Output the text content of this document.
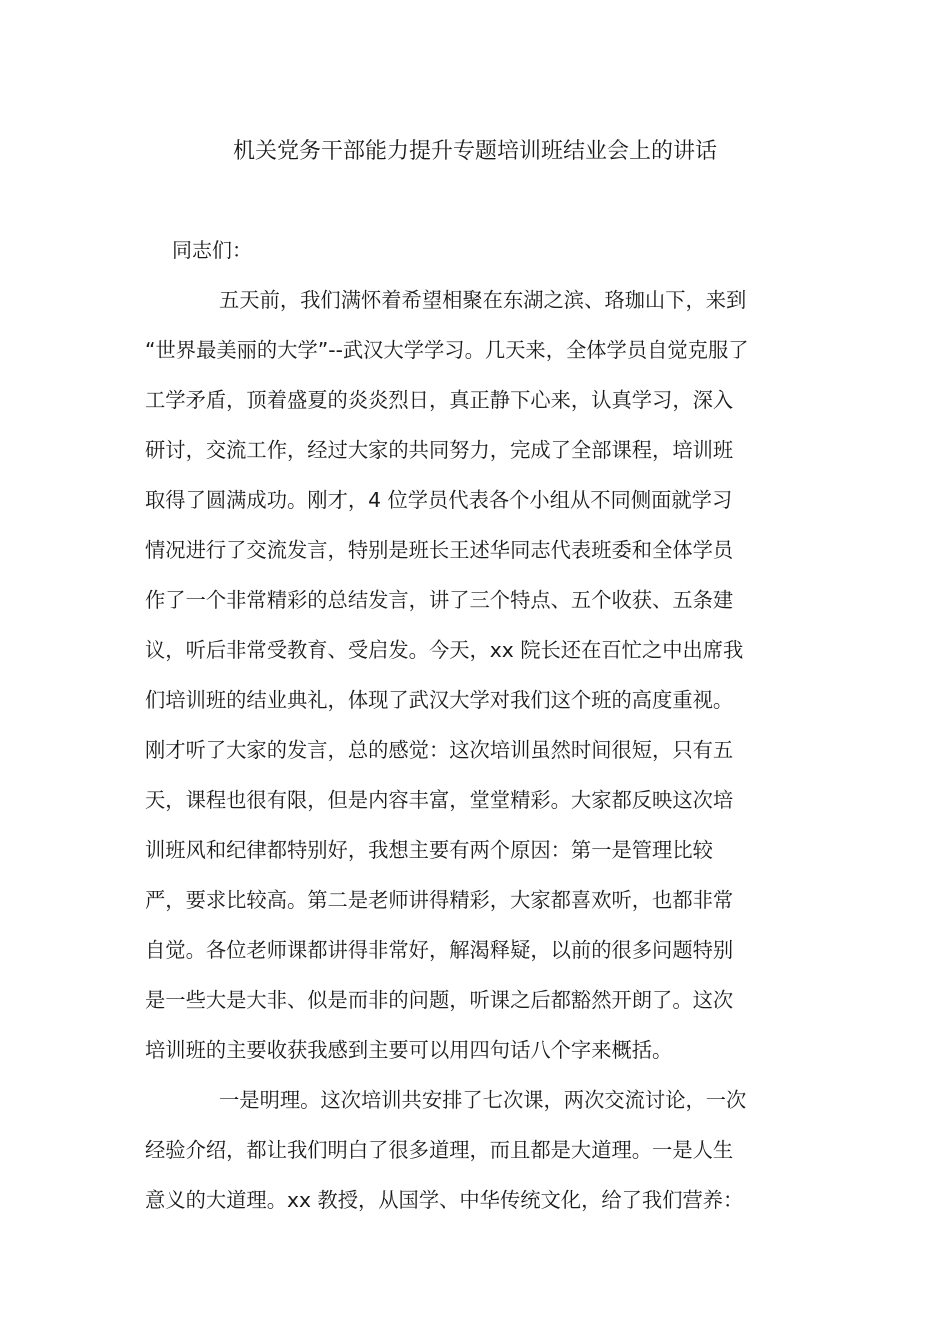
机关党务干部能力提升专题培训班结业会上的讲话

同志们：

五天前，我们满怀着希望相聚在东湖之滨、珞珈山下，来到
“世界最美丽的大学”--武汉大学学习。几天来，全体学员自觉克服了
工学矛盾，顶着盛夏的炎炎烈日，真正静下心来，认真学习，深入
研讨，交流工作，经过大家的共同努力，完成了全部课程，培训班
取得了圆满成功。刚才，4 位学员代表各个小组从不同侧面就学习
情况进行了交流发言，特别是班长王述华同志代表班委和全体学员
作了一个非常精彩的总结发言，讲了三个特点、五个收获、五条建
议，听后非常受教育、受启发。今天，xx 院长还在百忙之中出席我
们培训班的结业典礼，体现了武汉大学对我们这个班的高度重视。
刚才听了大家的发言，总的感觉：这次培训虽然时间很短，只有五
天，课程也很有限，但是内容丰富，堂堂精彩。大家都反映这次培
训班风和纪律都特别好，我想主要有两个原因：第一是管理比较
严，要求比较高。第二是老师讲得精彩，大家都喜欢听，也都非常
自觉。各位老师课都讲得非常好，解渴释疑，以前的很多问题特别
是一些大是大非、似是而非的问题，听课之后都豁然开朗了。这次
培训班的主要收获我感到主要可以用四句话八个字来概括。
一是明理。这次培训共安排了七次课，两次交流讨论，一次
经验介绍，都让我们明白了很多道理，而且都是大道理。一是人生
意义的大道理。xx 教授，从国学、中华传统文化，给了我们营养：
